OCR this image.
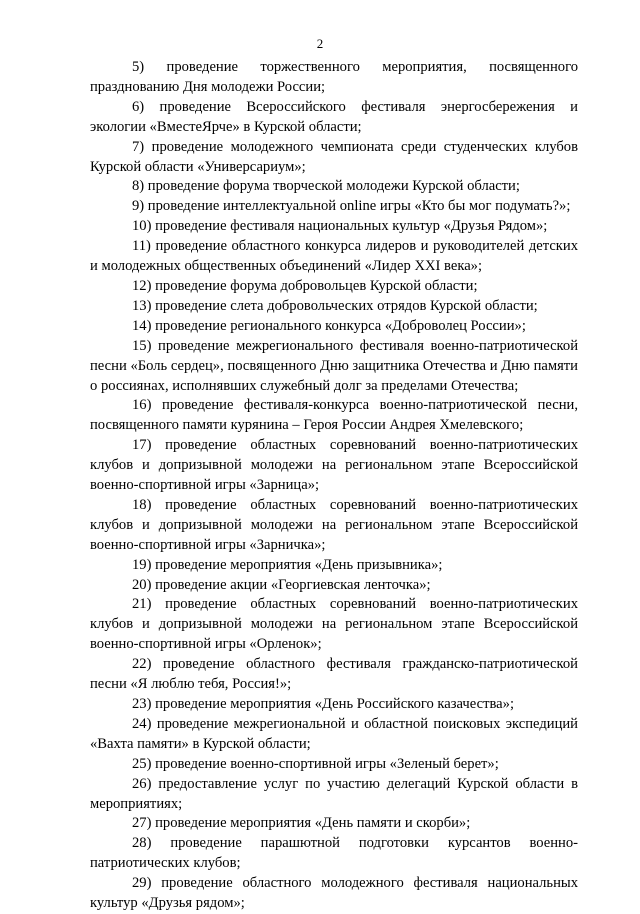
2

5) проведение торжественного мероприятия, посвященного празднованию Дня молодежи России;

6) проведение Всероссийского фестиваля энергосбережения и экологии «ВместеЯрче» в Курской области;

7) проведение молодежного чемпионата среди студенческих клубов Курской области «Универсариум»;

8) проведение форума творческой молодежи Курской области;

9) проведение интеллектуальной online игры «Кто бы мог подумать?»;

10) проведение фестиваля национальных культур «Друзья Рядом»;

11) проведение областного конкурса лидеров и руководителей детских и молодежных общественных объединений «Лидер XXI века»;

12) проведение форума добровольцев Курской области;

13) проведение слета добровольческих отрядов Курской области;

14) проведение регионального конкурса «Доброволец России»;

15) проведение межрегионального фестиваля военно-патриотической песни «Боль сердец», посвященного Дню защитника Отечества и Дню памяти о россиянах, исполнявших служебный долг за пределами Отечества;

16) проведение фестиваля-конкурса военно-патриотической песни, посвященного памяти курянина – Героя России Андрея Хмелевского;

17) проведение областных соревнований военно-патриотических клубов и допризывной молодежи на региональном этапе Всероссийской военно-спортивной игры «Зарница»;

18) проведение областных соревнований военно-патриотических клубов и допризывной молодежи на региональном этапе Всероссийской военно-спортивной игры «Зарничка»;

19) проведение мероприятия «День призывника»;

20) проведение акции «Георгиевская ленточка»;

21) проведение областных соревнований военно-патриотических клубов и допризывной молодежи на региональном этапе Всероссийской военно-спортивной игры «Орленок»;

22) проведение областного фестиваля гражданско-патриотической песни «Я люблю тебя, Россия!»;

23) проведение мероприятия «День Российского казачества»;

24) проведение межрегиональной и областной поисковых экспедиций «Вахта памяти» в Курской области;

25) проведение военно-спортивной игры «Зеленый берет»;

26) предоставление услуг по участию делегаций Курской области в мероприятиях;

27) проведение мероприятия «День памяти и скорби»;

28) проведение парашютной подготовки курсантов военно-патриотических клубов;

29) проведение областного молодежного фестиваля национальных культур «Друзья рядом»;
